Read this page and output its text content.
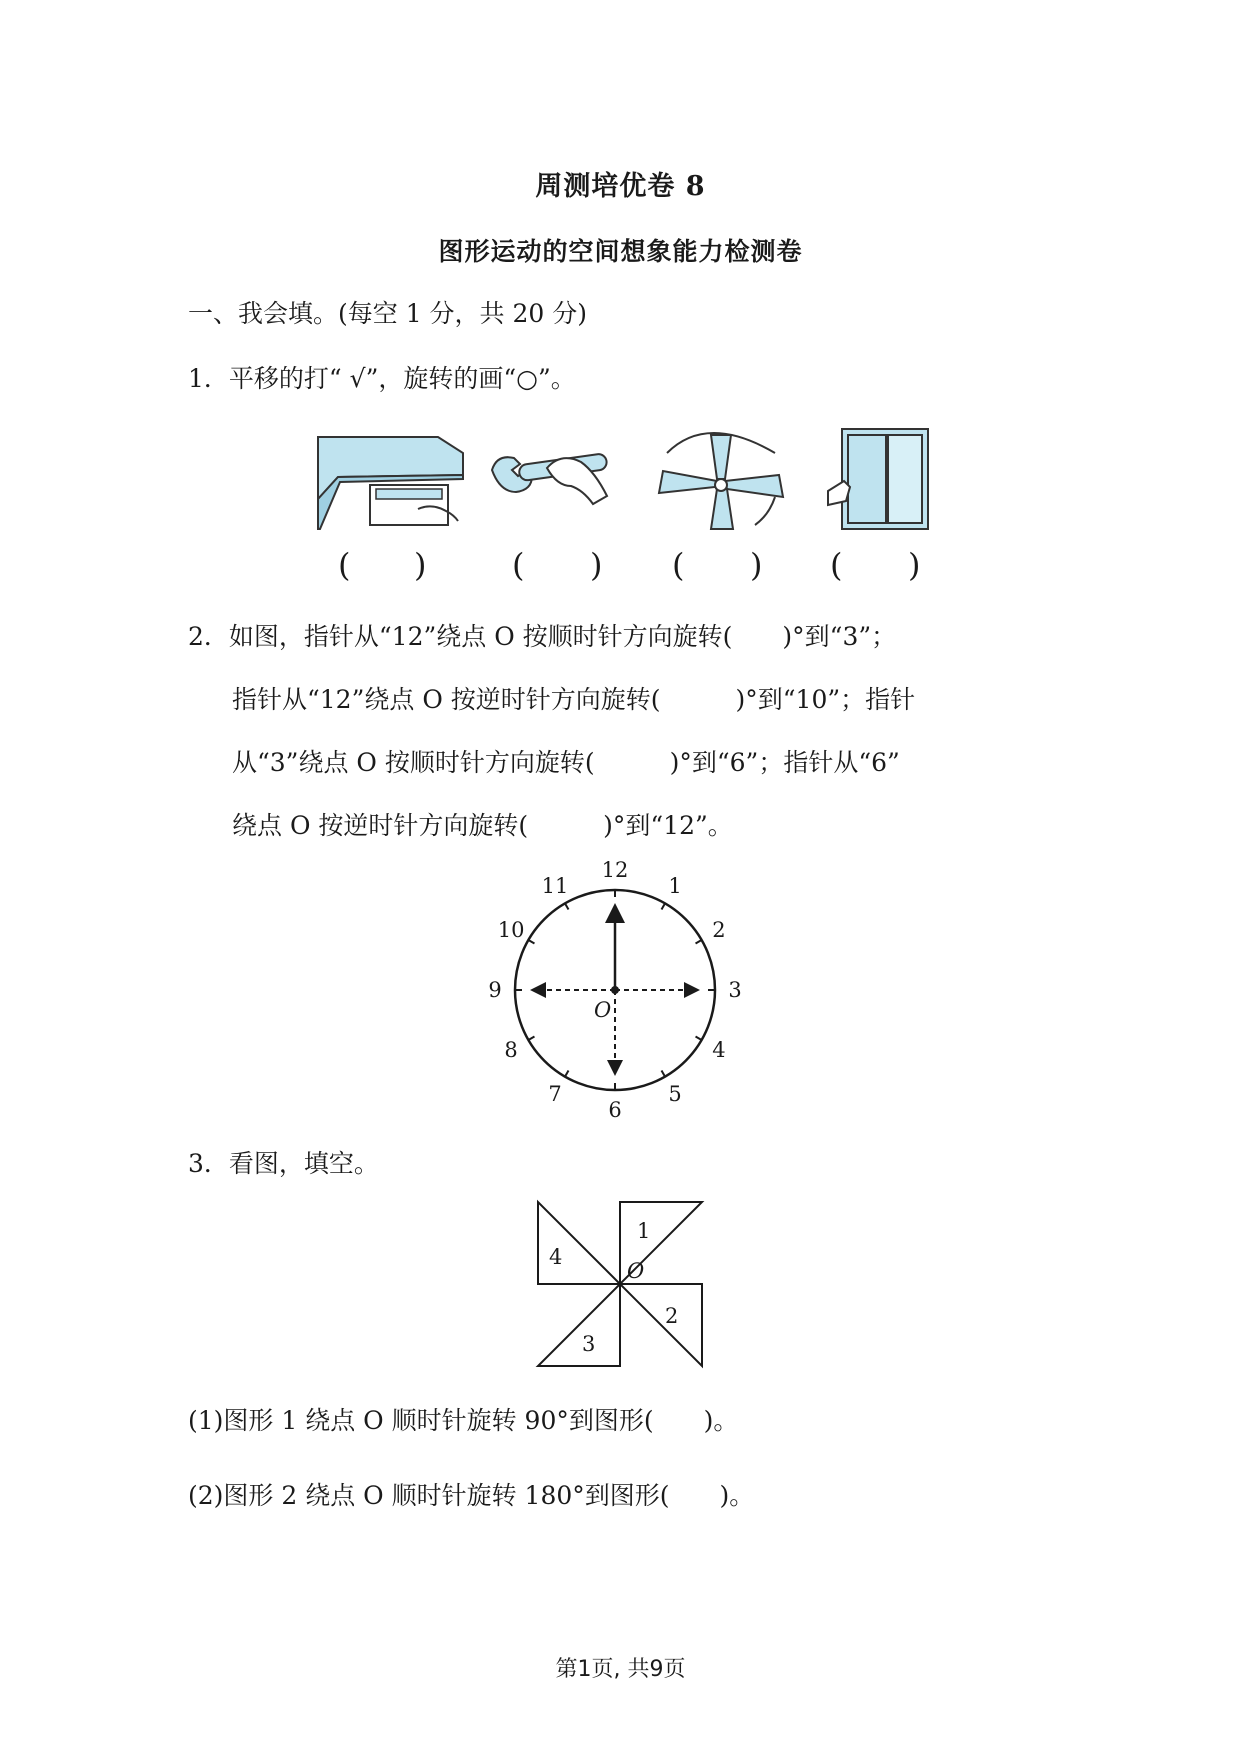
周测培优卷 8
图形运动的空间想象能力检测卷
一、我会填。(每空 1 分，共 20 分)
1．平移的打“ √”，旋转的画“○”。
( )	( ) ( ) ( )
2．如图，指针从“12”绕点 O 按顺时针方向旋转(　　)°到“3”；
指针从“12”绕点 O 按逆时针方向旋转(　　　)°到“10”；指针
从“3”绕点 O 按顺时针方向旋转(　　　)°到“6”；指针从“6”
绕点 O 按逆时针方向旋转(　　　)°到“12”。
O
12
1
2
3
4
5
6
7
8
9
10
11
3．看图，填空。
1
2
3
4
O
(1)图形 1 绕点 O 顺时针旋转 90°到图形(　　)。
(2)图形 2 绕点 O 顺时针旋转 180°到图形(　　)。
第1页, 共9页
